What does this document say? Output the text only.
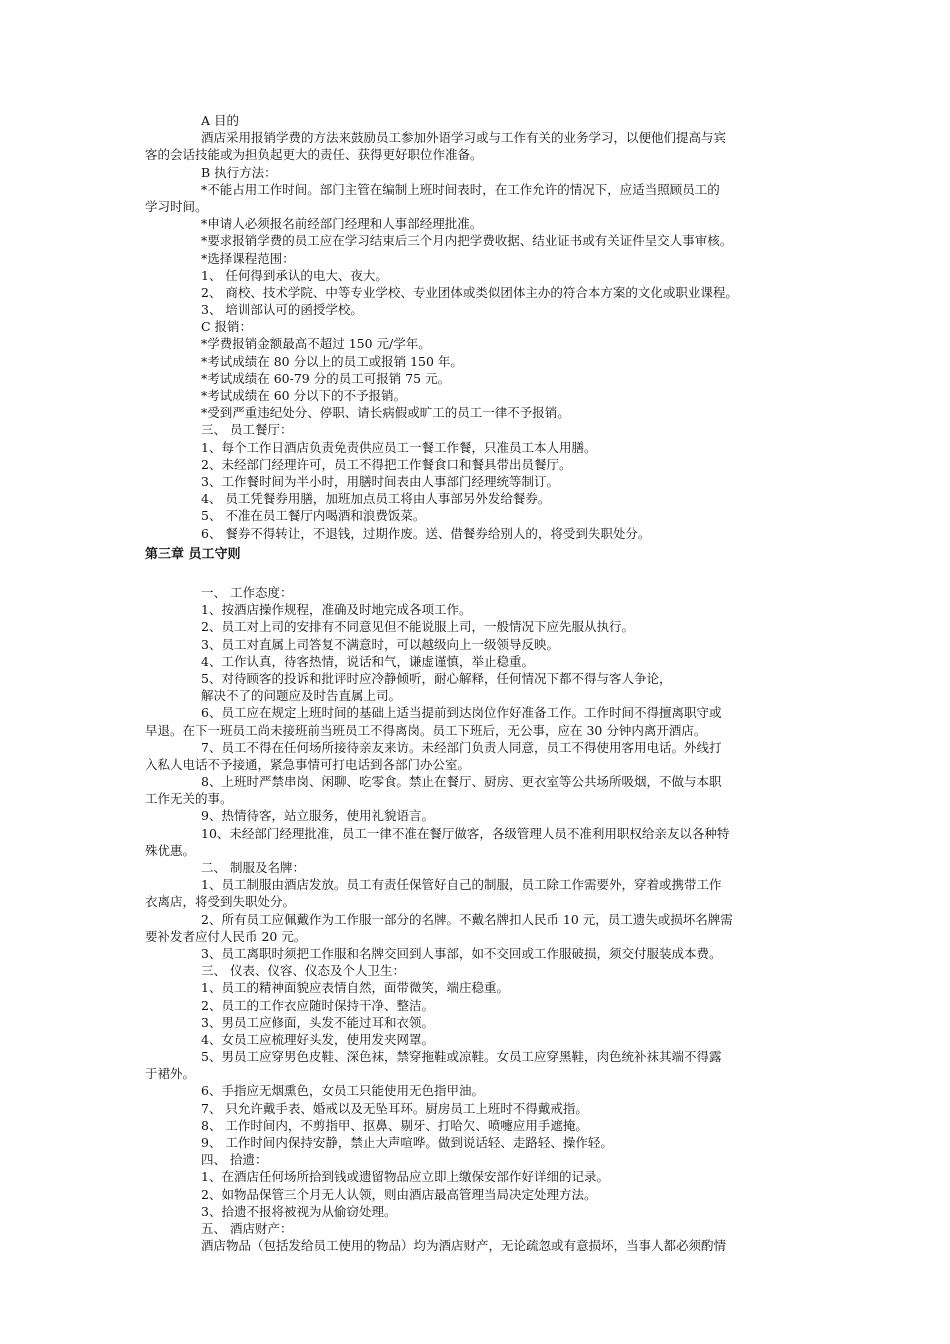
A 目的
酒店采用报销学费的方法来鼓励员工参加外语学习或与工作有关的业务学习，以便他们提高与宾
客的会话技能或为担负起更大的责任、获得更好职位作准备。
B 执行方法：
*不能占用工作时间。部门主管在编制上班时间表时，在工作允许的情况下，应适当照顾员工的
学习时间。
*申请人必须报名前经部门经理和人事部经理批准。
*要求报销学费的员工应在学习结束后三个月内把学费收据、结业证书或有关证件呈交人事审核。
*选择课程范围：
1、 任何得到承认的电大、夜大。
2、 商校、技术学院、中等专业学校、专业团体或类似团体主办的符合本方案的文化或职业课程。
3、 培训部认可的函授学校。
C 报销：
*学费报销金额最高不超过 150 元/学年。
*考试成绩在 80 分以上的员工或报销 150 年。
*考试成绩在 60-79 分的员工可报销 75 元。
*考试成绩在 60 分以下的不予报销。
*受到严重违纪处分、停职、请长病假或旷工的员工一律不予报销。
三、 员工餐厅：
1、每个工作日酒店负责免责供应员工一餐工作餐，只准员工本人用膳。
2、未经部门经理许可，员工不得把工作餐食口和餐具带出员餐厅。
3、工作餐时间为半小时，用膳时间表由人事部门经理统等制订。
4、 员工凭餐券用膳，加班加点员工将由人事部另外发给餐券。
5、 不准在员工餐厅内喝酒和浪费饭菜。
6、 餐券不得转让，不退钱，过期作废。送、借餐券给别人的，将受到失职处分。
第三章 员工守则
一、 工作态度：
1、按酒店操作规程，准确及时地完成各项工作。
2、员工对上司的安排有不同意见但不能说服上司，一般情况下应先服从执行。
3、员工对直属上司答复不满意时，可以越级向上一级领导反映。
4、工作认真，待客热情，说话和气，谦虚谨慎，举止稳重。
5、对待顾客的投诉和批评时应冷静倾听，耐心解释，任何情况下都不得与客人争论，
解决不了的问题应及时告直属上司。
6、员工应在规定上班时间的基础上适当提前到达岗位作好准备工作。工作时间不得擅离职守或
早退。在下一班员工尚未接班前当班员工不得离岗。员工下班后，无公事，应在 30 分钟内离开酒店。
7、员工不得在任何场所接待亲友来访。未经部门负责人同意，员工不得使用客用电话。外线打
入私人电话不予接通，紧急事情可打电话到各部门办公室。
8、上班时严禁串岗、闲聊、吃零食。禁止在餐厅、厨房、更衣室等公共场所吸烟，不做与本职
工作无关的事。
9、热情待客，站立服务，使用礼貌语言。
10、未经部门经理批准，员工一律不准在餐厅做客，各级管理人员不准利用职权给亲友以各种特
殊优惠。
二、 制服及名牌：
1、员工制服由酒店发放。员工有责任保管好自己的制服，员工除工作需要外，穿着或携带工作
衣离店，将受到失职处分。
2、所有员工应佩戴作为工作服一部分的名牌。不戴名牌扣人民币 10 元，员工遗失或损坏名牌需
要补发者应付人民币 20 元。
3、员工离职时须把工作服和名牌交回到人事部，如不交回或工作服破损，须交付服装成本费。
三、 仪表、仪容、仪态及个人卫生：
1、员工的精神面貌应表情自然，面带微笑，端庄稳重。
2、员工的工作衣应随时保持干净、整洁。
3、男员工应修面，头发不能过耳和衣领。
4、女员工应梳理好头发，使用发夹网罩。
5、男员工应穿男色皮鞋、深色袜，禁穿拖鞋或凉鞋。女员工应穿黑鞋，肉色统补袜其端不得露
于裙外。
6、手指应无烟熏色，女员工只能使用无色指甲油。
7、 只允许戴手表、婚戒以及无坠耳环。厨房员工上班时不得戴戒指。
8、 工作时间内，不剪指甲、抠鼻、剔牙、打哈欠、喷嚏应用手遮掩。
9、 工作时间内保持安静，禁止大声喧哗。做到说话轻、走路轻、操作轻。
四、 拾遗：
1、在酒店任何场所拾到钱或遗留物品应立即上缴保安部作好详细的记录。
2、如物品保管三个月无人认领，则由酒店最高管理当局决定处理方法。
3、拾遗不报将被视为从偷窃处理。
五、 酒店财产：
酒店物品（包括发给员工使用的物品）均为酒店财产，无论疏忽或有意损坏，当事人都必须酌情
